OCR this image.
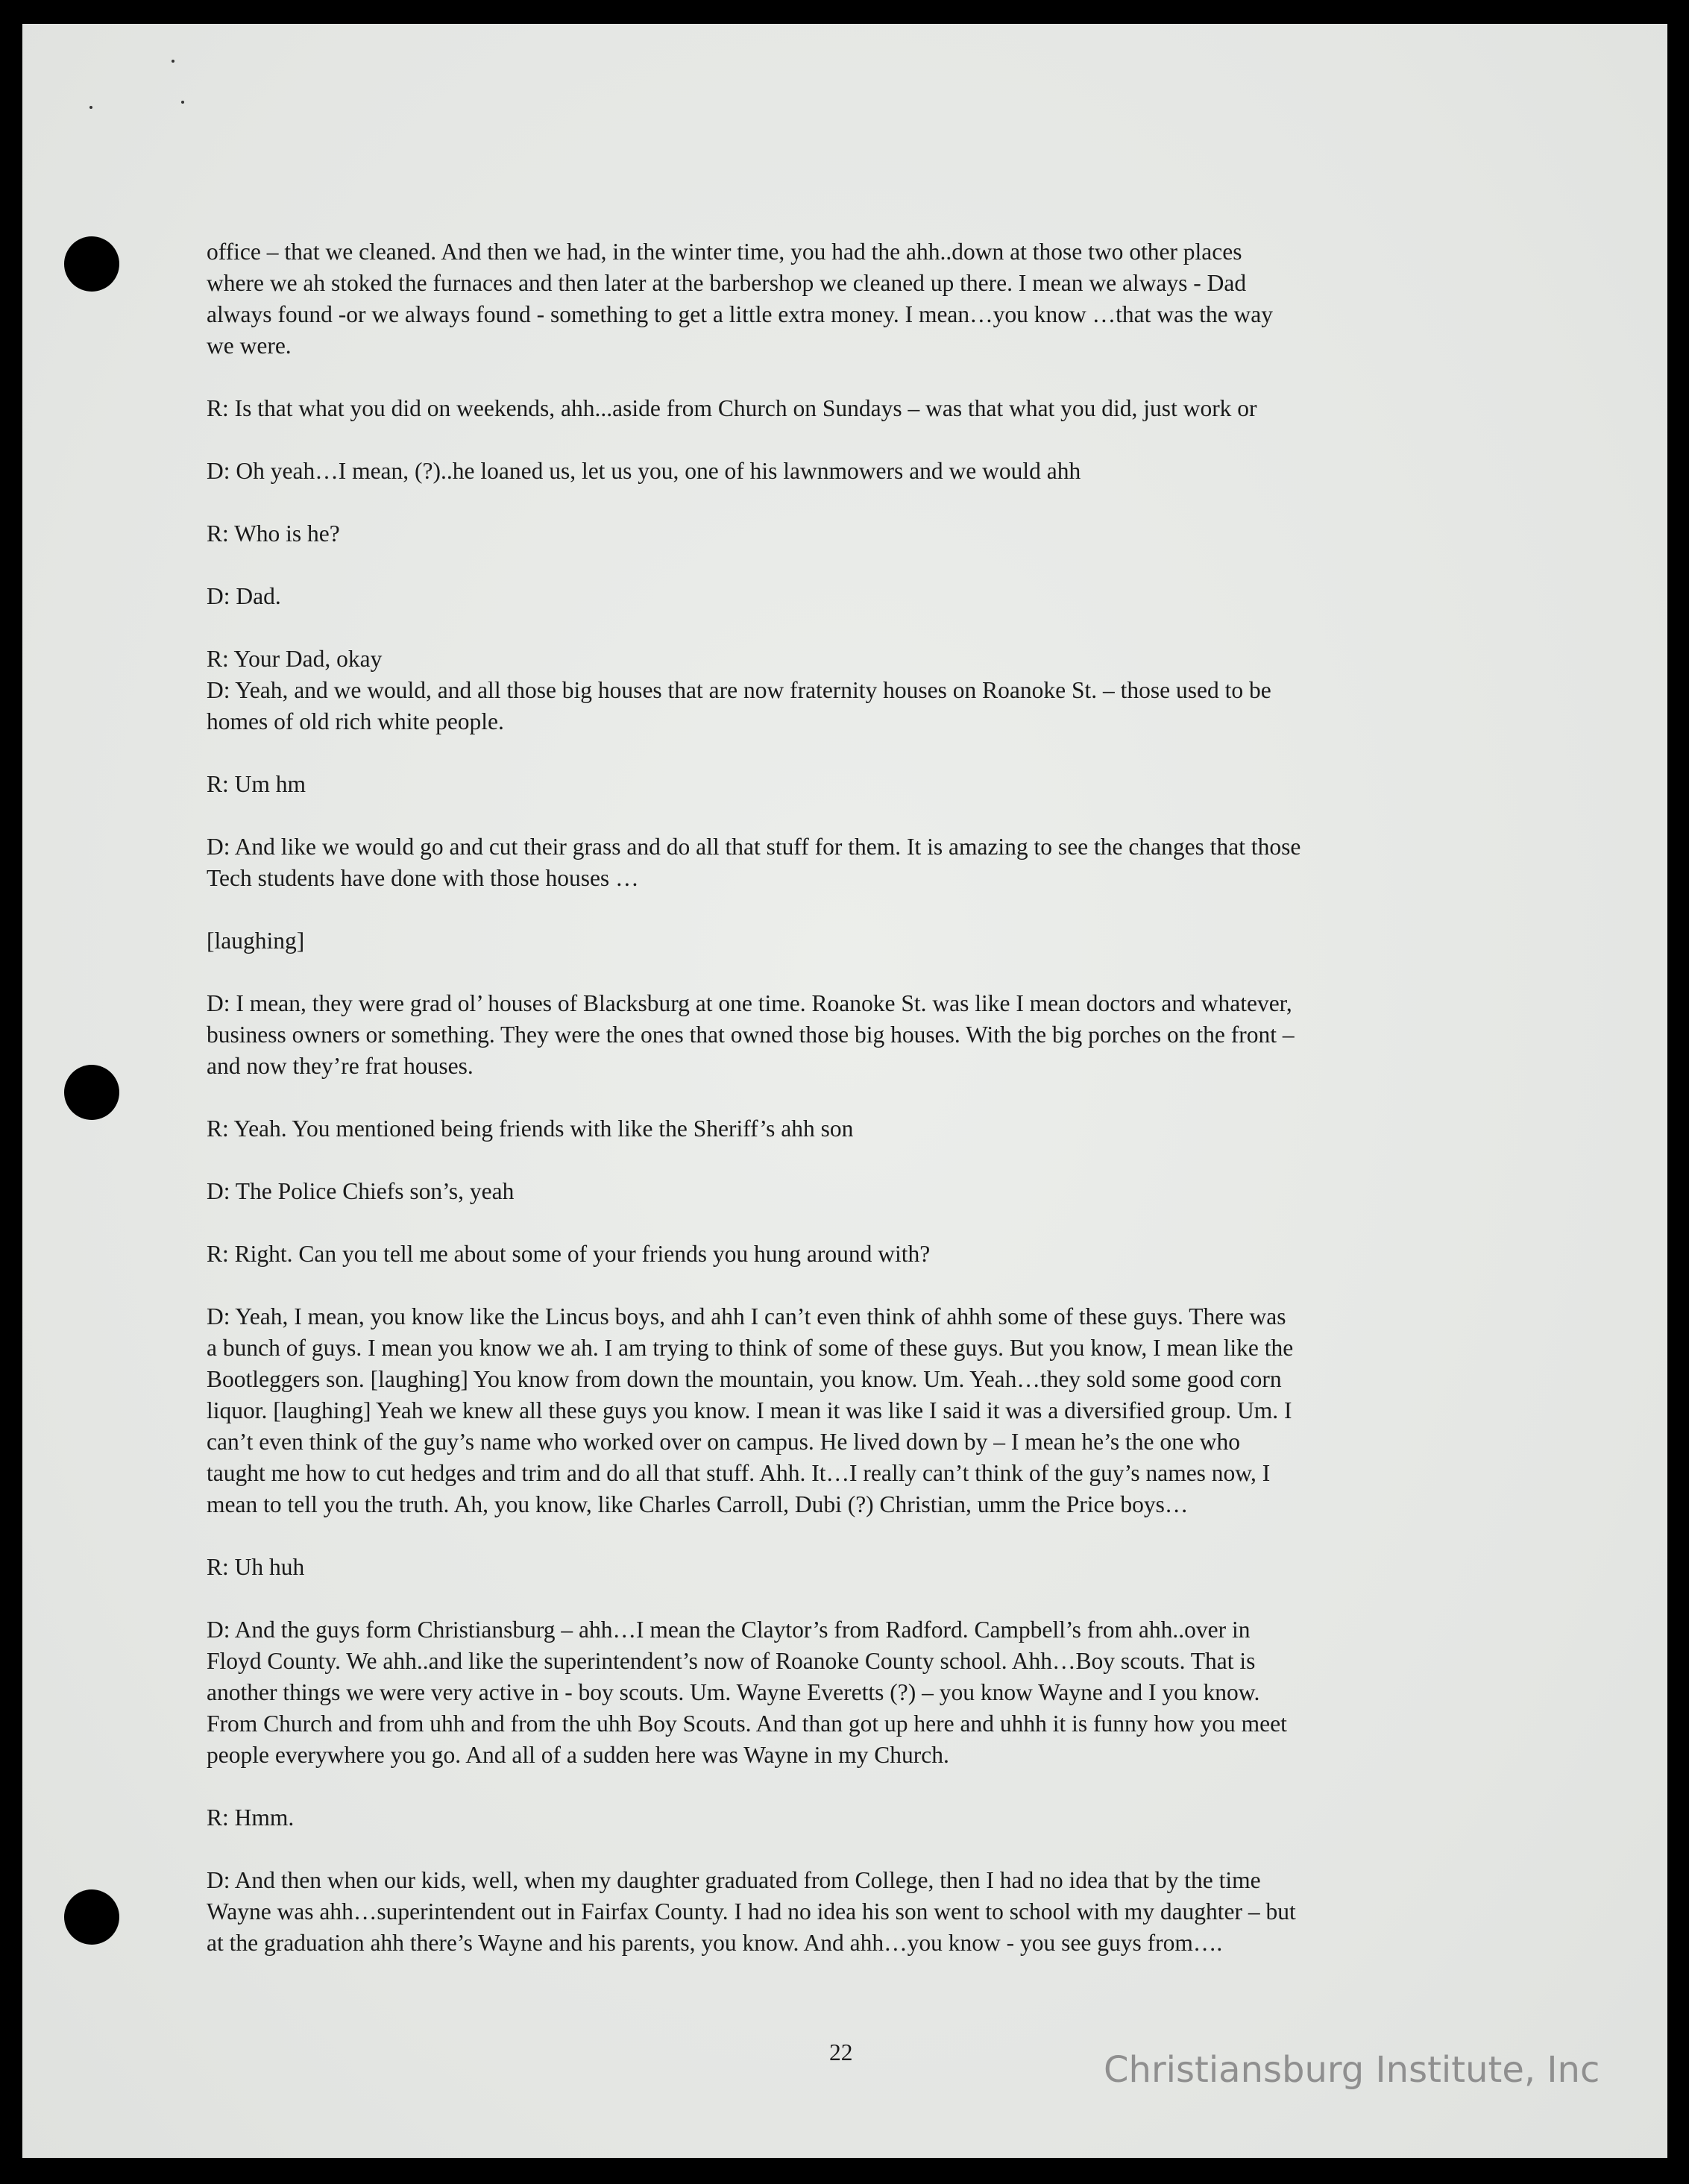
office – that we cleaned. And then we had, in the winter time, you had the ahh..down at those two other places
where we ah stoked the furnaces and then later at the barbershop we cleaned up there. I mean we always - Dad
always found -or we always found - something to get a little extra money. I mean…you know …that was the way
we were.

R: Is that what you did on weekends, ahh...aside from Church on Sundays – was that what you did, just work or

D: Oh yeah…I mean, (?)..he loaned us, let us you, one of his lawnmowers and we would ahh

R: Who is he?

D: Dad.

R: Your Dad, okay

D: Yeah, and we would, and all those big houses that are now fraternity houses on Roanoke St. – those used to be
homes of old rich white people.

R: Um hm

D: And like we would go and cut their grass and do all that stuff for them. It is amazing to see the changes that those
Tech students have done with those houses …

[laughing]

D: I mean, they were grad ol’ houses of Blacksburg at one time. Roanoke St. was like I mean doctors and whatever,
business owners or something. They were the ones that owned those big houses. With the big porches on the front –
and now they’re frat houses.

R: Yeah. You mentioned being friends with like the Sheriff’s ahh son

D: The Police Chiefs son’s, yeah

R: Right. Can you tell me about some of your friends you hung around with?

D: Yeah, I mean, you know like the Lincus boys, and ahh I can’t even think of ahhh some of these guys. There was
a bunch of guys. I mean you know we ah. I am trying to think of some of these guys. But you know, I mean like the
Bootleggers son. [laughing] You know from down the mountain, you know. Um. Yeah…they sold some good corn
liquor. [laughing] Yeah we knew all these guys you know. I mean it was like I said it was a diversified group. Um. I
can’t even think of the guy’s name who worked over on campus. He lived down by – I mean he’s the one who
taught me how to cut hedges and trim and do all that stuff. Ahh. It…I really can’t think of the guy’s names now, I
mean to tell you the truth. Ah, you know, like Charles Carroll, Dubi (?) Christian, umm the Price boys…

R: Uh huh

D: And the guys form Christiansburg – ahh…I mean the Claytor’s from Radford. Campbell’s from ahh..over in
Floyd County. We ahh..and like the superintendent’s now of Roanoke County school. Ahh…Boy scouts. That is
another things we were very active in - boy scouts. Um. Wayne Everetts (?) – you know Wayne and I you know.
From Church and from uhh and from the uhh Boy Scouts. And than got up here and uhhh it is funny how you meet
people everywhere you go. And all of a sudden here was Wayne in my Church.

R: Hmm.

D: And then when our kids, well, when my daughter graduated from College, then I had no idea that by the time
Wayne was ahh…superintendent out in Fairfax County. I had no idea his son went to school with my daughter – but
at the graduation ahh there’s Wayne and his parents, you know. And ahh…you know - you see guys from….

22	Christiansburg Institute, Inc
